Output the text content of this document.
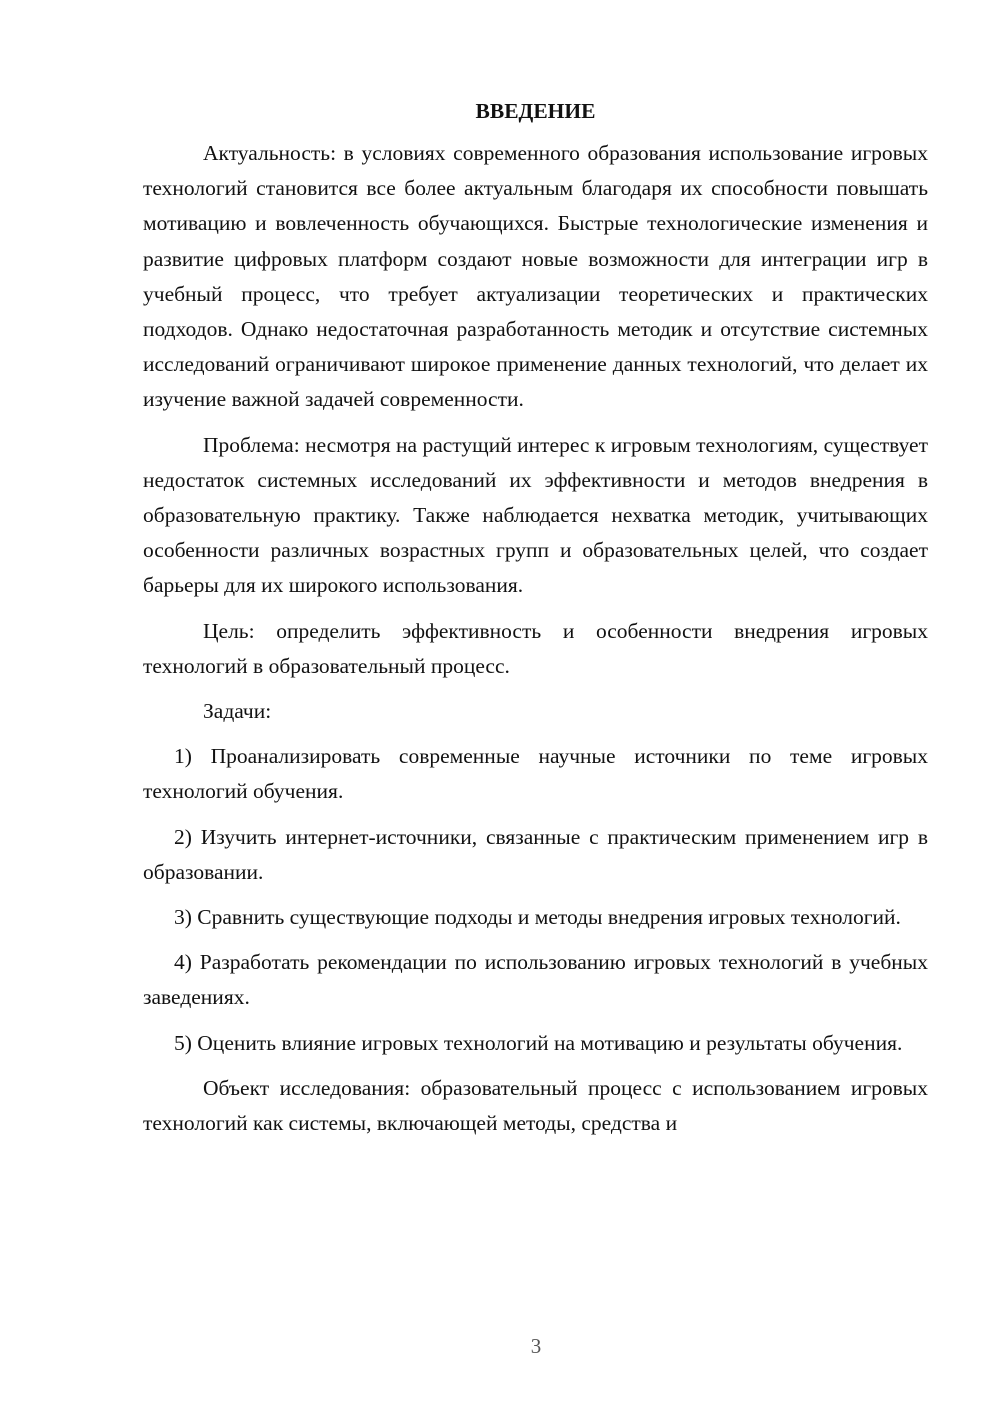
ВВЕДЕНИЕ

Актуальность: в условиях современного образования использование игровых технологий становится все более актуальным благодаря их способности повышать мотивацию и вовлеченность обучающихся. Быстрые технологические изменения и развитие цифровых платформ создают новые возможности для интеграции игр в учебный процесс, что требует актуализации теоретических и практических подходов. Однако недостаточная разработанность методик и отсутствие системных исследований ограничивают широкое применение данных технологий, что делает их изучение важной задачей современности.

Проблема: несмотря на растущий интерес к игровым технологиям, существует недостаток системных исследований их эффективности и методов внедрения в образовательную практику. Также наблюдается нехватка методик, учитывающих особенности различных возрастных групп и образовательных целей, что создает барьеры для их широкого использования.

Цель: определить эффективность и особенности внедрения игровых технологий в образовательный процесс.

Задачи:

1) Проанализировать современные научные источники по теме игровых технологий обучения.

2) Изучить интернет-источники, связанные с практическим применением игр в образовании.

3) Сравнить существующие подходы и методы внедрения игровых технологий.

4) Разработать рекомендации по использованию игровых технологий в учебных заведениях.

5) Оценить влияние игровых технологий на мотивацию и результаты обучения.

Объект исследования: образовательный процесс с использованием игровых технологий как системы, включающей методы, средства и

3
